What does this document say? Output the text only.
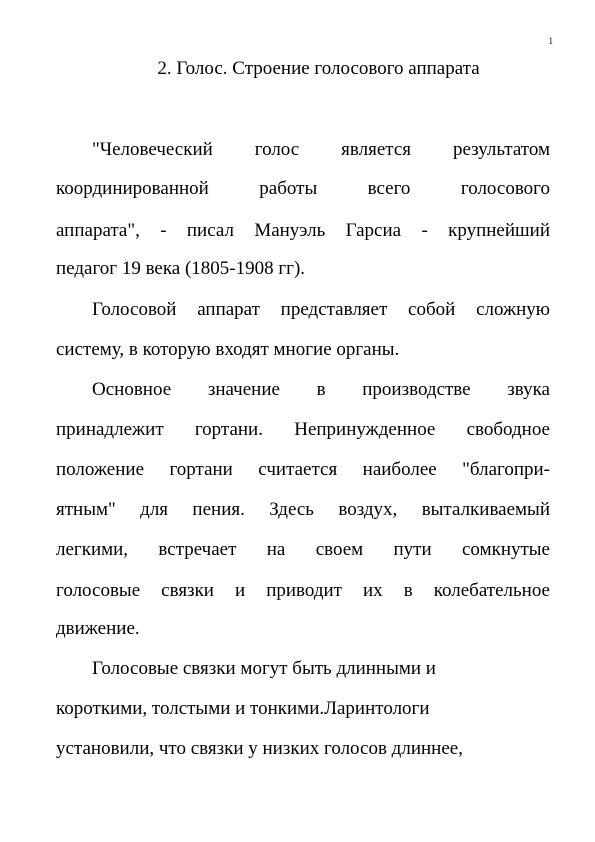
1
2. Голос. Строение голосового аппарата
"Человеческий голос является результатом
координированной работы всего голосового
аппарата", - писал Мануэль Гарсиа - крупнейший
педагог 19 века (1805-1908 гг).
Голосовой аппарат представляет собой сложную
систему, в которую входят многие органы.
Основное значение в производстве звука
принадлежит гортани. Непринужденное свободное
положение гортани считается наиболее "благопри-
ятным" для пения. Здесь воздух, выталкиваемый
легкими, встречает на своем пути сомкнутые
голосовые связки и приводит их в колебательное
движение.
Голосовые связки могут быть длинными и
короткими, толстыми и тонкими.Ларинтологи
установили, что связки у низких голосов длиннее,
